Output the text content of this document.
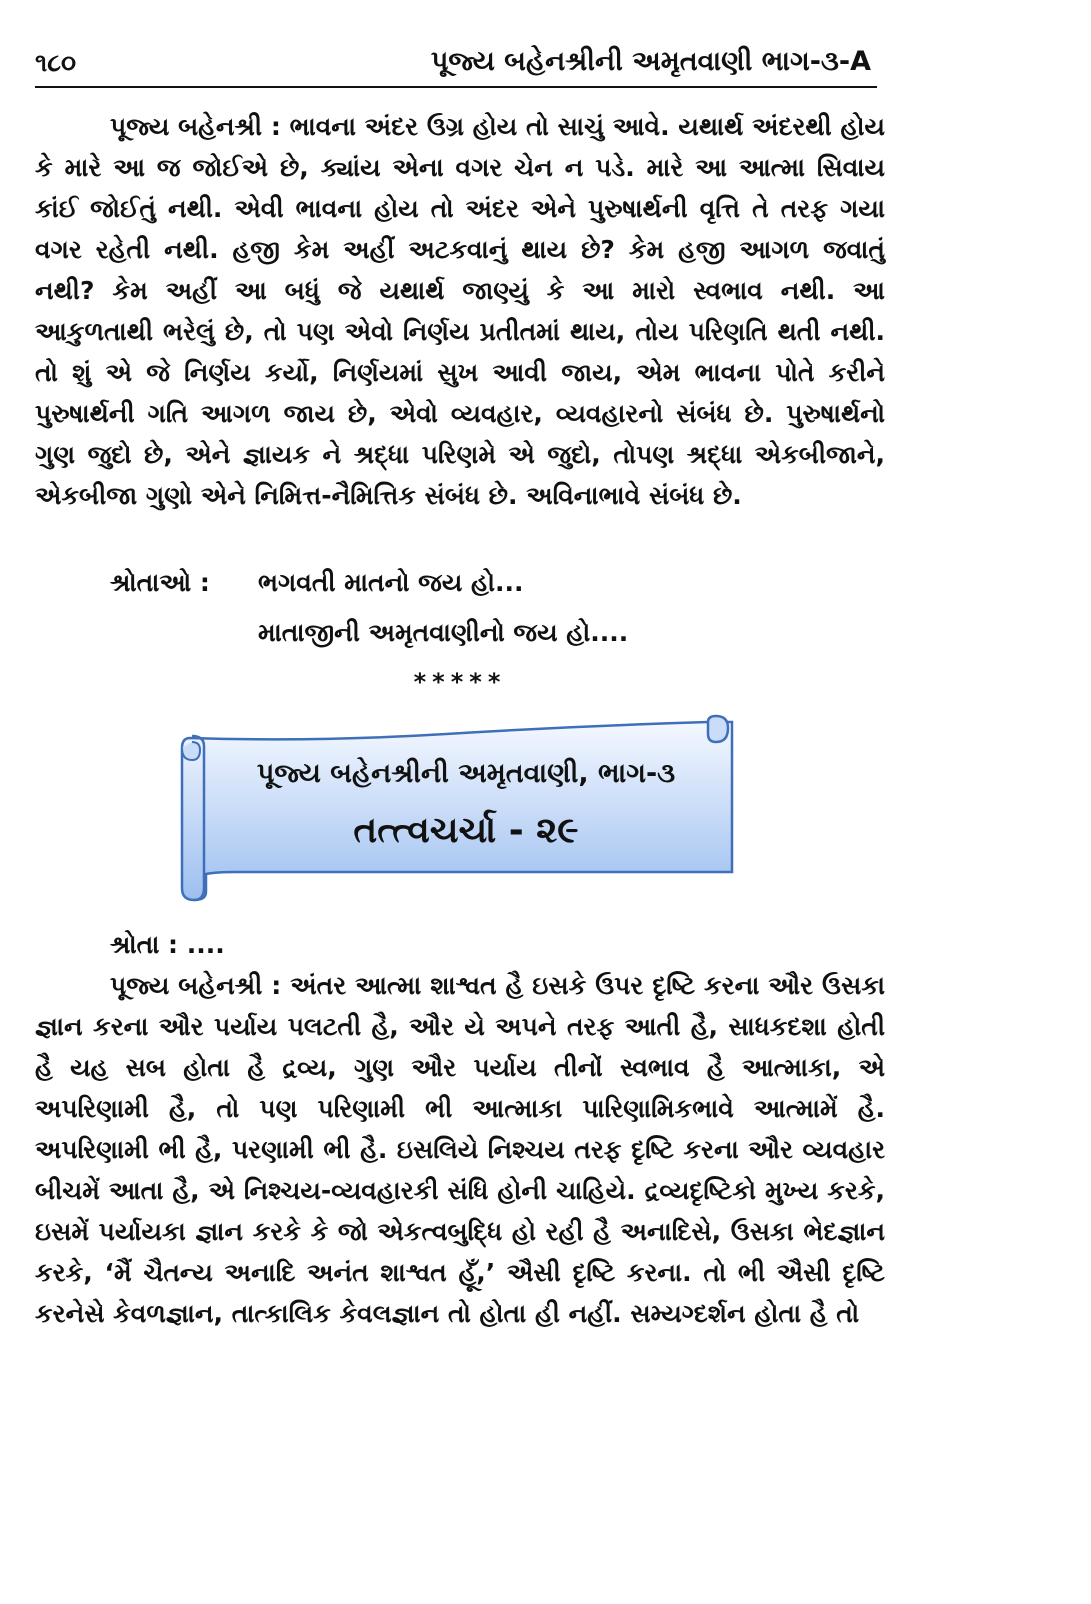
૧૮૦	પૂજ્ય બહેનશ્રીની અમૃતવાણી ભાગ-૩-A

પૂજ્ય બહેનશ્રી : ભાવના અંદર ઉગ્ર હોય તો સાચું આવે. યથાર્થ અંદરથી હોય કે મારે આ જ જોઈએ છે, ક્યાંય એના વગર ચેન ન પડે. મારે આ આત્મા સિવાય કાંઈ જોઈતું નથી. એવી ભાવના હોય તો અંદર એને પુરુષાર્થની વૃત્તિ તે તરફ ગયા વગર રહેતી નથી. હજી કેમ અહીં અટકવાનું થાય છે? કેમ હજી આગળ જવાતું નથી? કેમ અહીં આ બધું જે યથાર્થ જાણ્યું કે આ મારો સ્વભાવ નથી. આ આકુળતાથી ભરેલું છે, તો પણ એવો નિર્ણય પ્રતીતમાં થાય, તોય પરિણતિ થતી નથી. તો શું એ જે નિર્ણય કર્યો, નિર્ણયમાં સુખ આવી જાય, એમ ભાવના પોતે કરીને પુરુષાર્થની ગતિ આગળ જાય છે, એવો વ્યવહાર, વ્યવહારનો સંબંધ છે. પુરુષાર્થનો ગુણ જુદો છે, એને જ્ઞાયક ને શ્રદ્ધા પરિણમે એ જુદો, તોપણ શ્રદ્ધા એકબીજાને, એકબીજા ગુણો એને નિમિત્ત-નૈમિત્તિક સંબંધ છે. અવિનાભાવે સંબંધ છે.

શ્રોતાઓ : ભગવતી માતનો જય હો...
માતાજીની અમૃતવાણીનો જય હો....
*****
પૂજ્ય બહેનશ્રીની અમૃતવાણી, ભાગ-૩
તત્ત્વચર્ચા - ૨૯
શ્રોતા : ....

પૂજ્ય બહેનશ્રી : અંતર આત્મા શાશ્વત હૈ ઇસકે ઉપર દૃષ્ટિ કરના ઔર ઉસકા જ્ઞાન કરના ઔર પર્યાય પલટતી હૈ, ઔર યે અપને તરફ આતી હૈ, સાધકદશા હોતી હૈ યહ સબ હોતા હૈ દ્રવ્ય, ગુણ ઔર પર્યાય તીનોં સ્વભાવ હૈ આત્માકા, એ અપરિણામી હૈ, તો પણ પરિણામી ભી આત્માકા પારિણામિકભાવે આત્મામેં હૈ. અપરિણામી ભી હૈ, પરણામી ભી હૈ. ઇસલિયે નિશ્ચય તરફ દૃષ્ટિ કરના ઔર વ્યવહાર બીચમેં આતા હૈ, એ નિશ્ચય-વ્યવહારકી સંધિ હોની ચાહિયે. દ્રવ્યદૃષ્ટિકો મુખ્ય કરકે, ઇસમેં પર્યાયકા જ્ઞાન કરકે કે જો એકત્વબુદ્ધિ હો રહી હૈ અનાદિસે, ઉસકા ભેદજ્ઞાન કરકે, ‘મૈં ચૈતન્ય અનાદિ અનંત શાશ્વત હૂઁ,’ ઐસી દૃષ્ટિ કરના. તો ભી ઐસી દૃષ્ટિ કરનેસે કેવળજ્ઞાન, તાત્કાલિક કેવલજ્ઞાન તો હોતા હી નહીં. સમ્યગ્દર્શન હોતા હૈ તો
